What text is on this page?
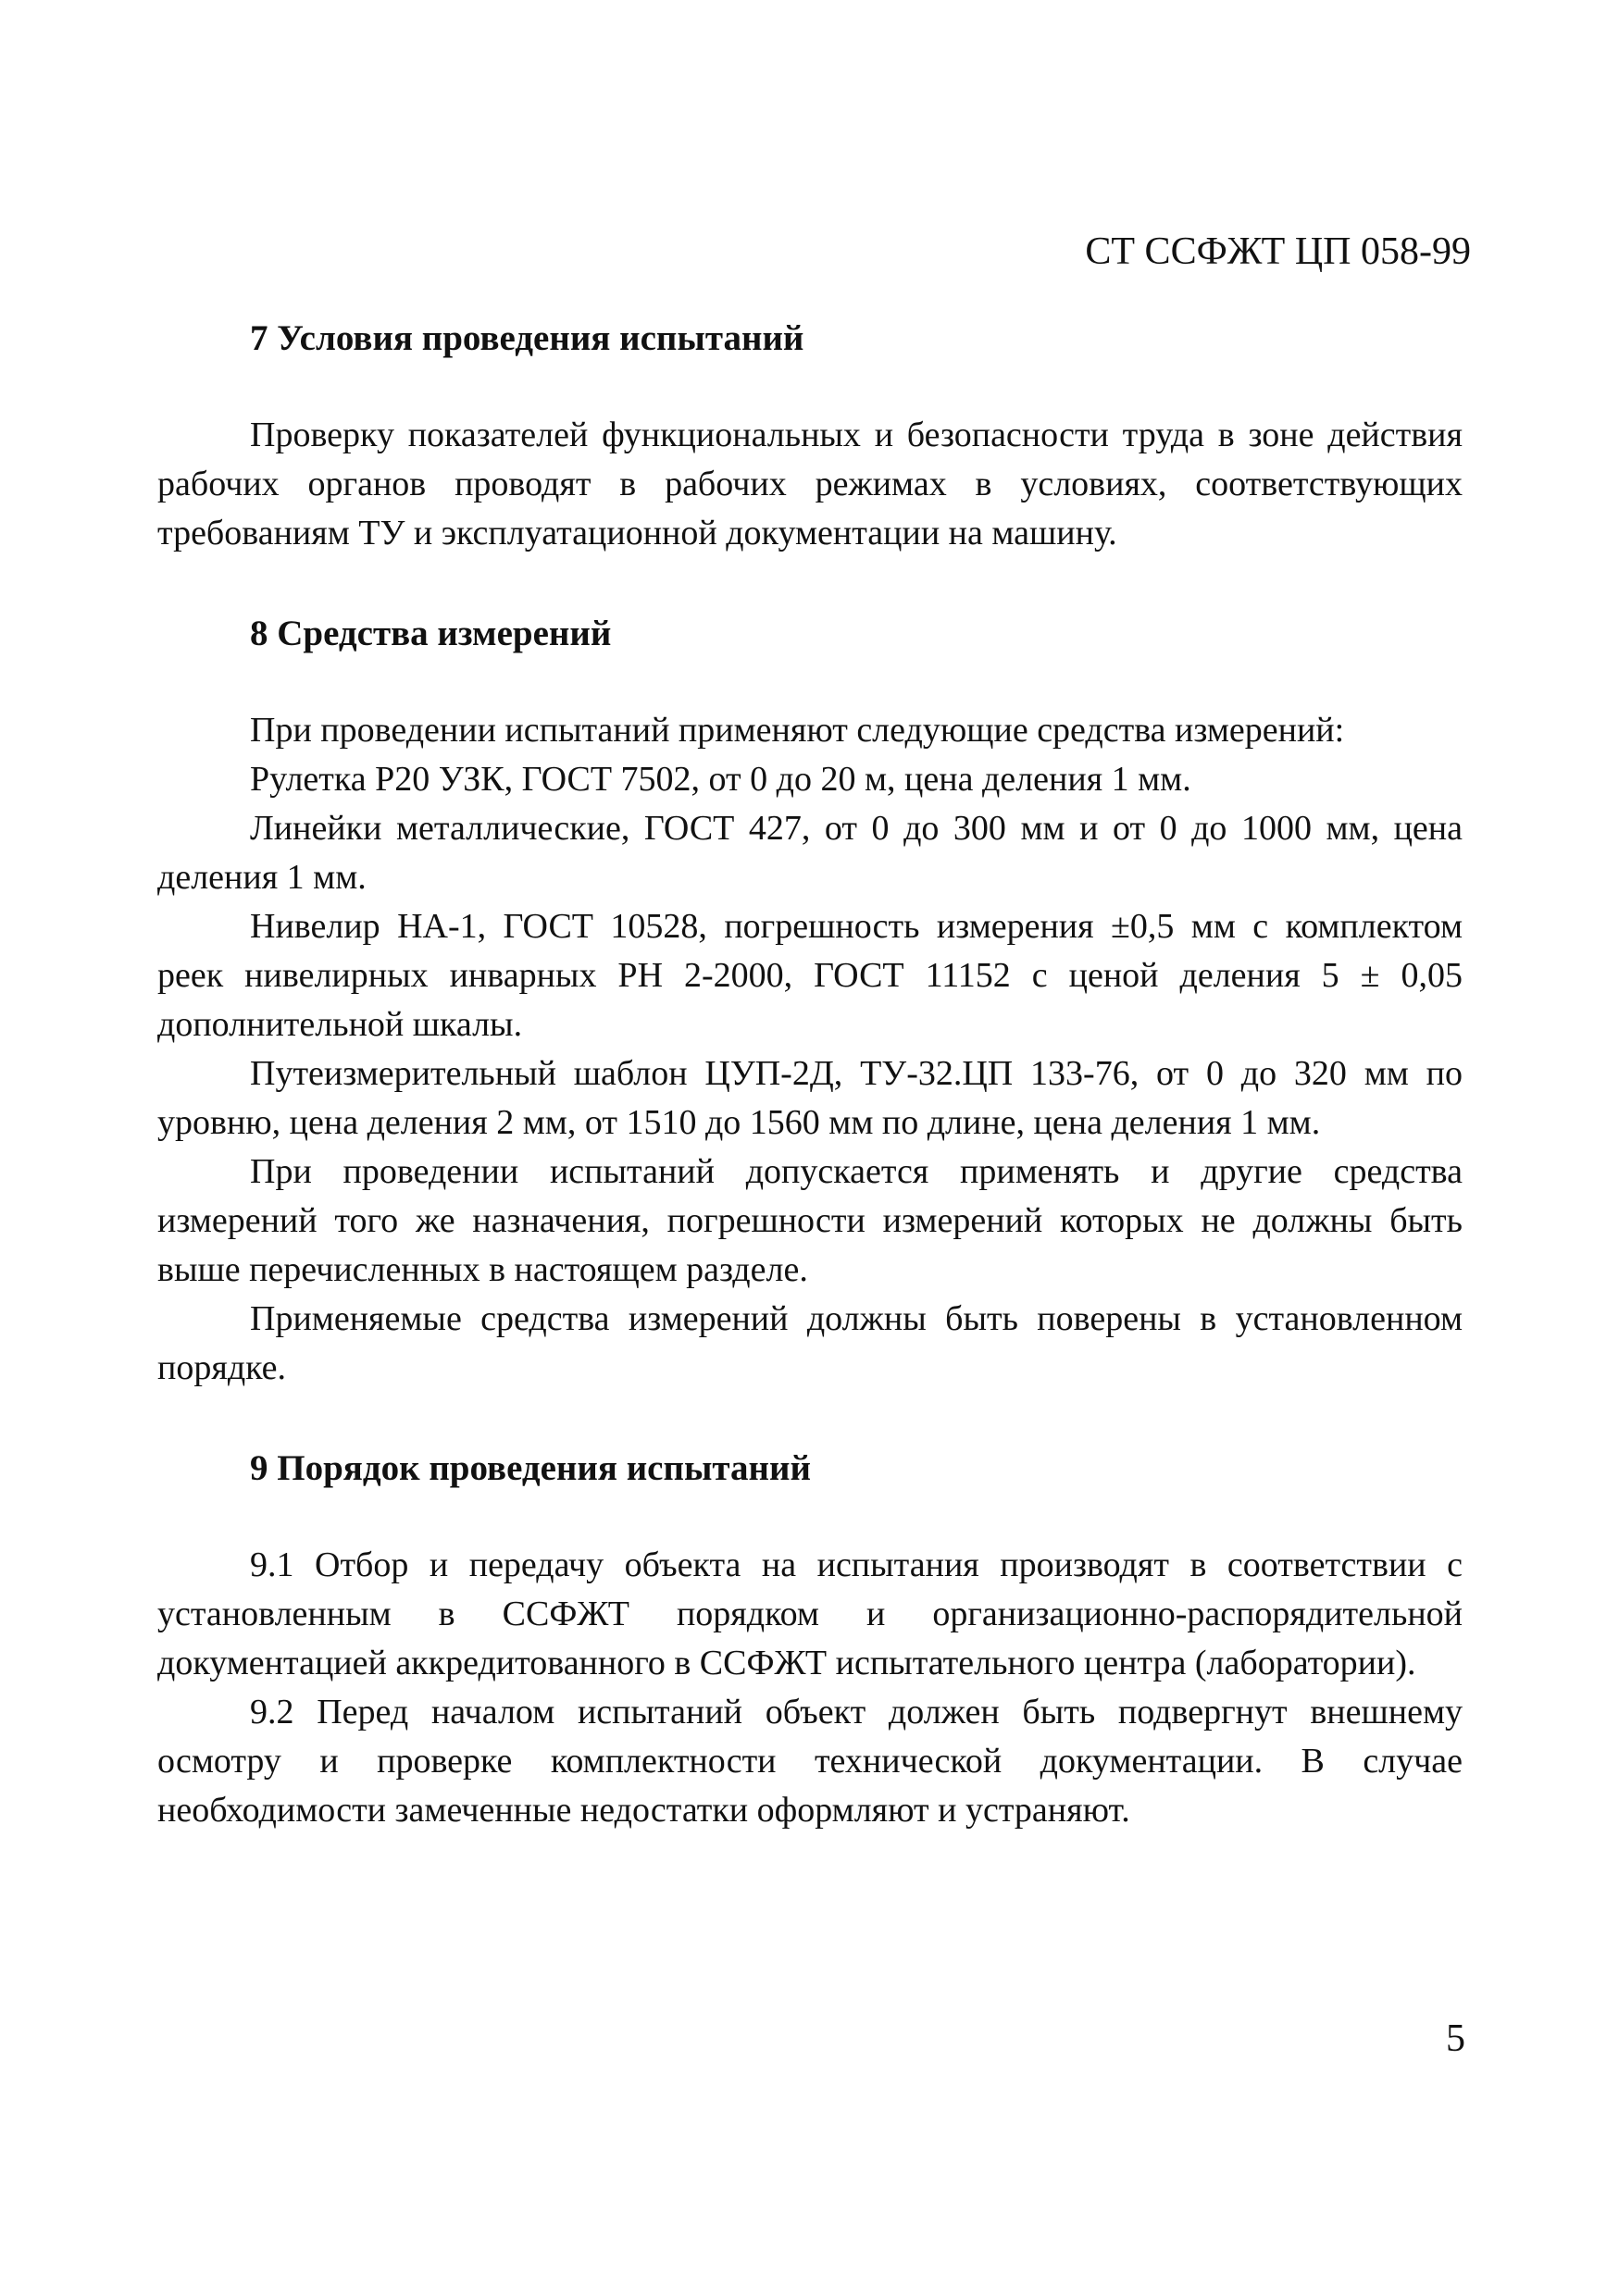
СТ ССФЖТ ЦП 058-99
7 Условия проведения испытаний

Проверку показателей функциональных и безопасности труда в зоне действия рабочих органов проводят в рабочих режимах в условиях, соответствующих требованиям ТУ и эксплуатационной документации на машину.

8 Средства измерений

При проведении испытаний применяют следующие средства измерений:

Рулетка Р20 УЗК, ГОСТ 7502, от 0 до 20 м, цена деления 1 мм.

Линейки металлические, ГОСТ 427, от 0 до 300 мм и от 0 до 1000 мм, цена деления 1 мм.

Нивелир НА-1, ГОСТ 10528, погрешность измерения ±0,5 мм с комплектом реек нивелирных инварных РН 2-2000, ГОСТ 11152 с ценой деления 5 ± 0,05 дополнительной шкалы.

Путеизмерительный шаблон ЦУП-2Д, ТУ-32.ЦП 133-76, от 0 до 320 мм по уровню, цена деления 2 мм, от 1510 до 1560 мм по длине, цена деления 1 мм.

При проведении испытаний допускается применять и другие средства измерений того же назначения, погрешности измерений которых не должны быть выше перечисленных в настоящем разделе.

Применяемые средства измерений должны быть поверены в установленном порядке.

9 Порядок проведения испытаний

9.1 Отбор и передачу объекта на испытания производят в соответствии с установленным в ССФЖТ порядком и организационно-распорядительной документацией аккредитованного в ССФЖТ испытательного центра (лаборатории).

9.2 Перед началом испытаний объект должен быть подвергнут внешнему осмотру и проверке комплектности технической документации. В случае необходимости замеченные недостатки оформляют и устраняют.

5
